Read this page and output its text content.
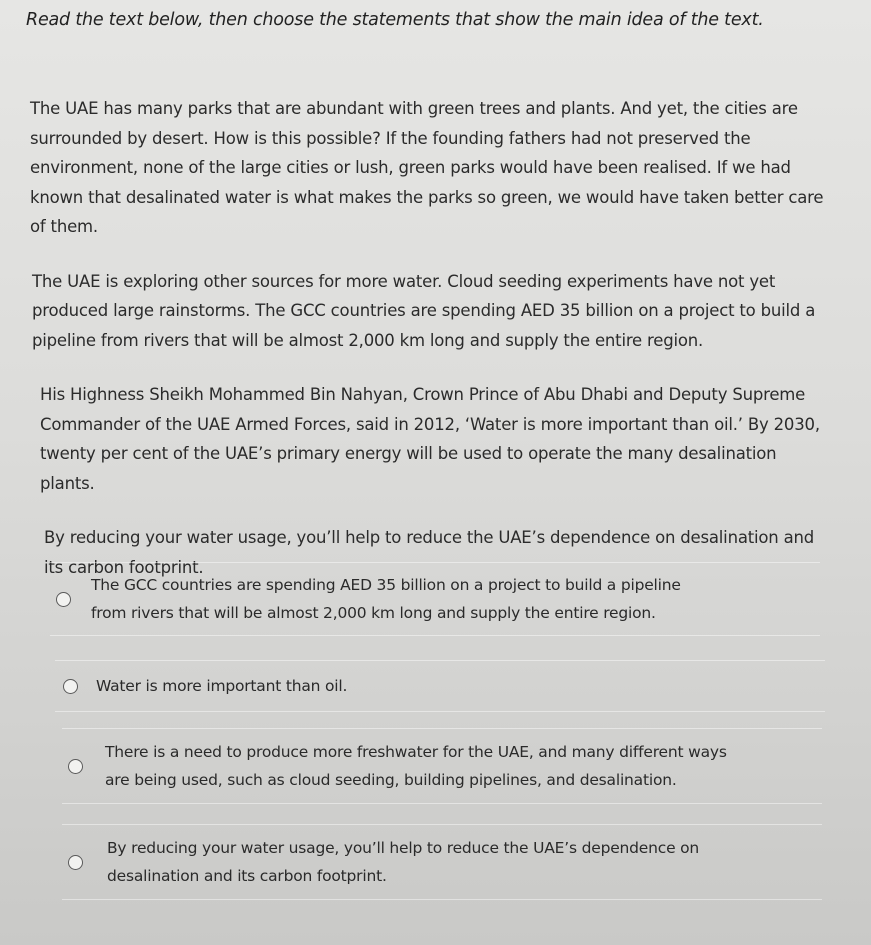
Read the text below, then choose the statements that show the main idea of the text.

The UAE has many parks that are abundant with green trees and plants. And yet, the cities are surrounded by desert. How is this possible? If the founding fathers had not preserved the environment, none of the large cities or lush, green parks would have been realised. If we had known that desalinated water is what makes the parks so green, we would have taken better care of them.

The UAE is exploring other sources for more water. Cloud seeding experiments have not yet produced large rainstorms. The GCC countries are spending AED 35 billion on a project to build a pipeline from rivers that will be almost 2,000 km long and supply the entire region.

His Highness Sheikh Mohammed Bin Nahyan, Crown Prince of Abu Dhabi and Deputy Supreme Commander of the UAE Armed Forces, said in 2012, ‘Water is more important than oil.’ By 2030, twenty per cent of the UAE’s primary energy will be used to operate the many desalination plants.

By reducing your water usage, you’ll help to reduce the UAE’s dependence on desalination and its carbon footprint.

The GCC countries are spending AED 35 billion on a project to build a pipeline
from rivers that will be almost 2,000 km long and supply the entire region.
Water is more important than oil.
There is a need to produce more freshwater for the UAE, and many different ways
are being used, such as cloud seeding, building pipelines, and desalination.
By reducing your water usage, you’ll help to reduce the UAE’s dependence on
desalination and its carbon footprint.
